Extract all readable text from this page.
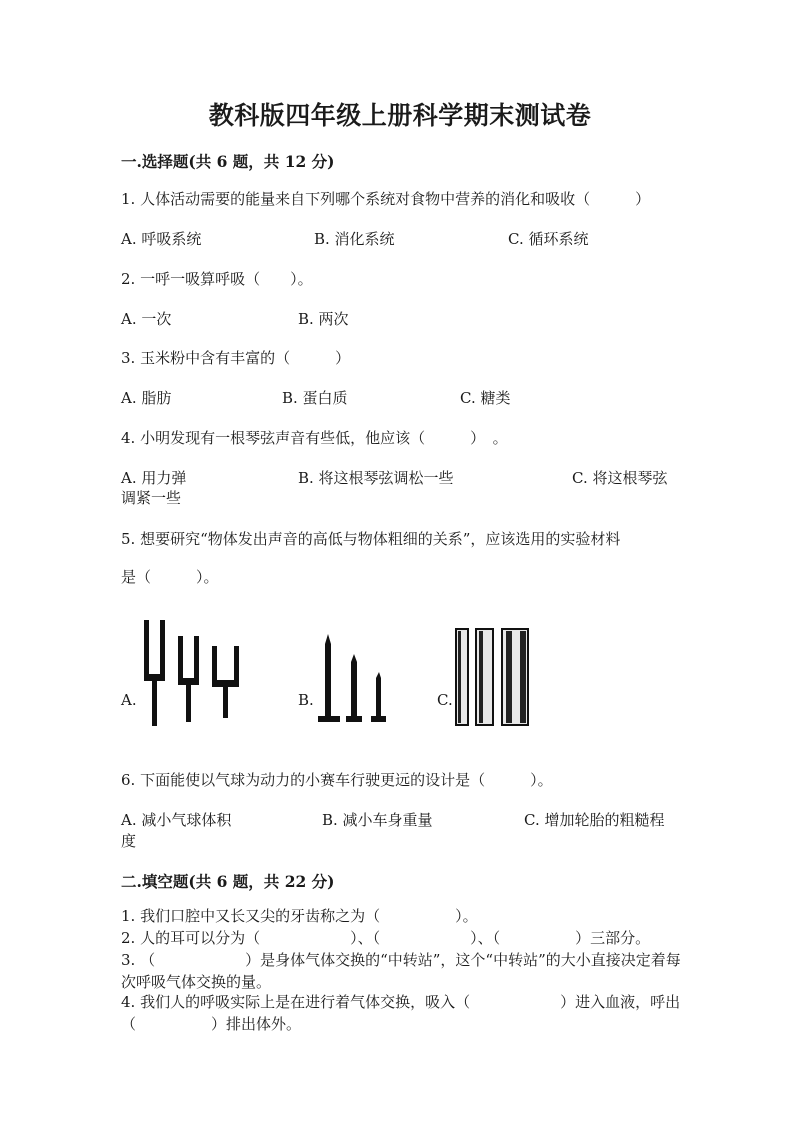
教科版四年级上册科学期末测试卷
一.选择题(共 6 题，共 12 分)
1. 人体活动需要的能量来自下列哪个系统对食物中营养的消化和吸收（　　　）
A. 呼吸系统	B. 消化系统	C. 循环系统
2. 一呼一吸算呼吸（　　）。
A. 一次	B. 两次
3. 玉米粉中含有丰富的（　　　）
A. 脂肪	B. 蛋白质	C. 糖类
4. 小明发现有一根琴弦声音有些低，他应该（　　　）　。
A. 用力弹	B. 将这根琴弦调松一些	C. 将这根琴弦
调紧一些
5. 想要研究“物体发出声音的高低与物体粗细的关系”，应该选用的实验材料
是（　　　）。
A.	B.	C.
6. 下面能使以气球为动力的小赛车行驶更远的设计是（　　　）。
A. 减小气球体积	B. 减小车身重量	C. 增加轮胎的粗糙程
度
二.填空题(共 6 题，共 22 分)
1. 我们口腔中又长又尖的牙齿称之为（　　　　　）。
2. 人的耳可以分为（　　　　　　）、（　　　　　　）、（　　　　　）三部分。
3. （　　　　　　）是身体气体交换的“中转站”，这个“中转站”的大小直接决定着每次呼吸气体交换的量。
4. 我们人的呼吸实际上是在进行着气体交换，吸入（　　　　　　）进入血液，呼出（　　　　　）排出体外。
